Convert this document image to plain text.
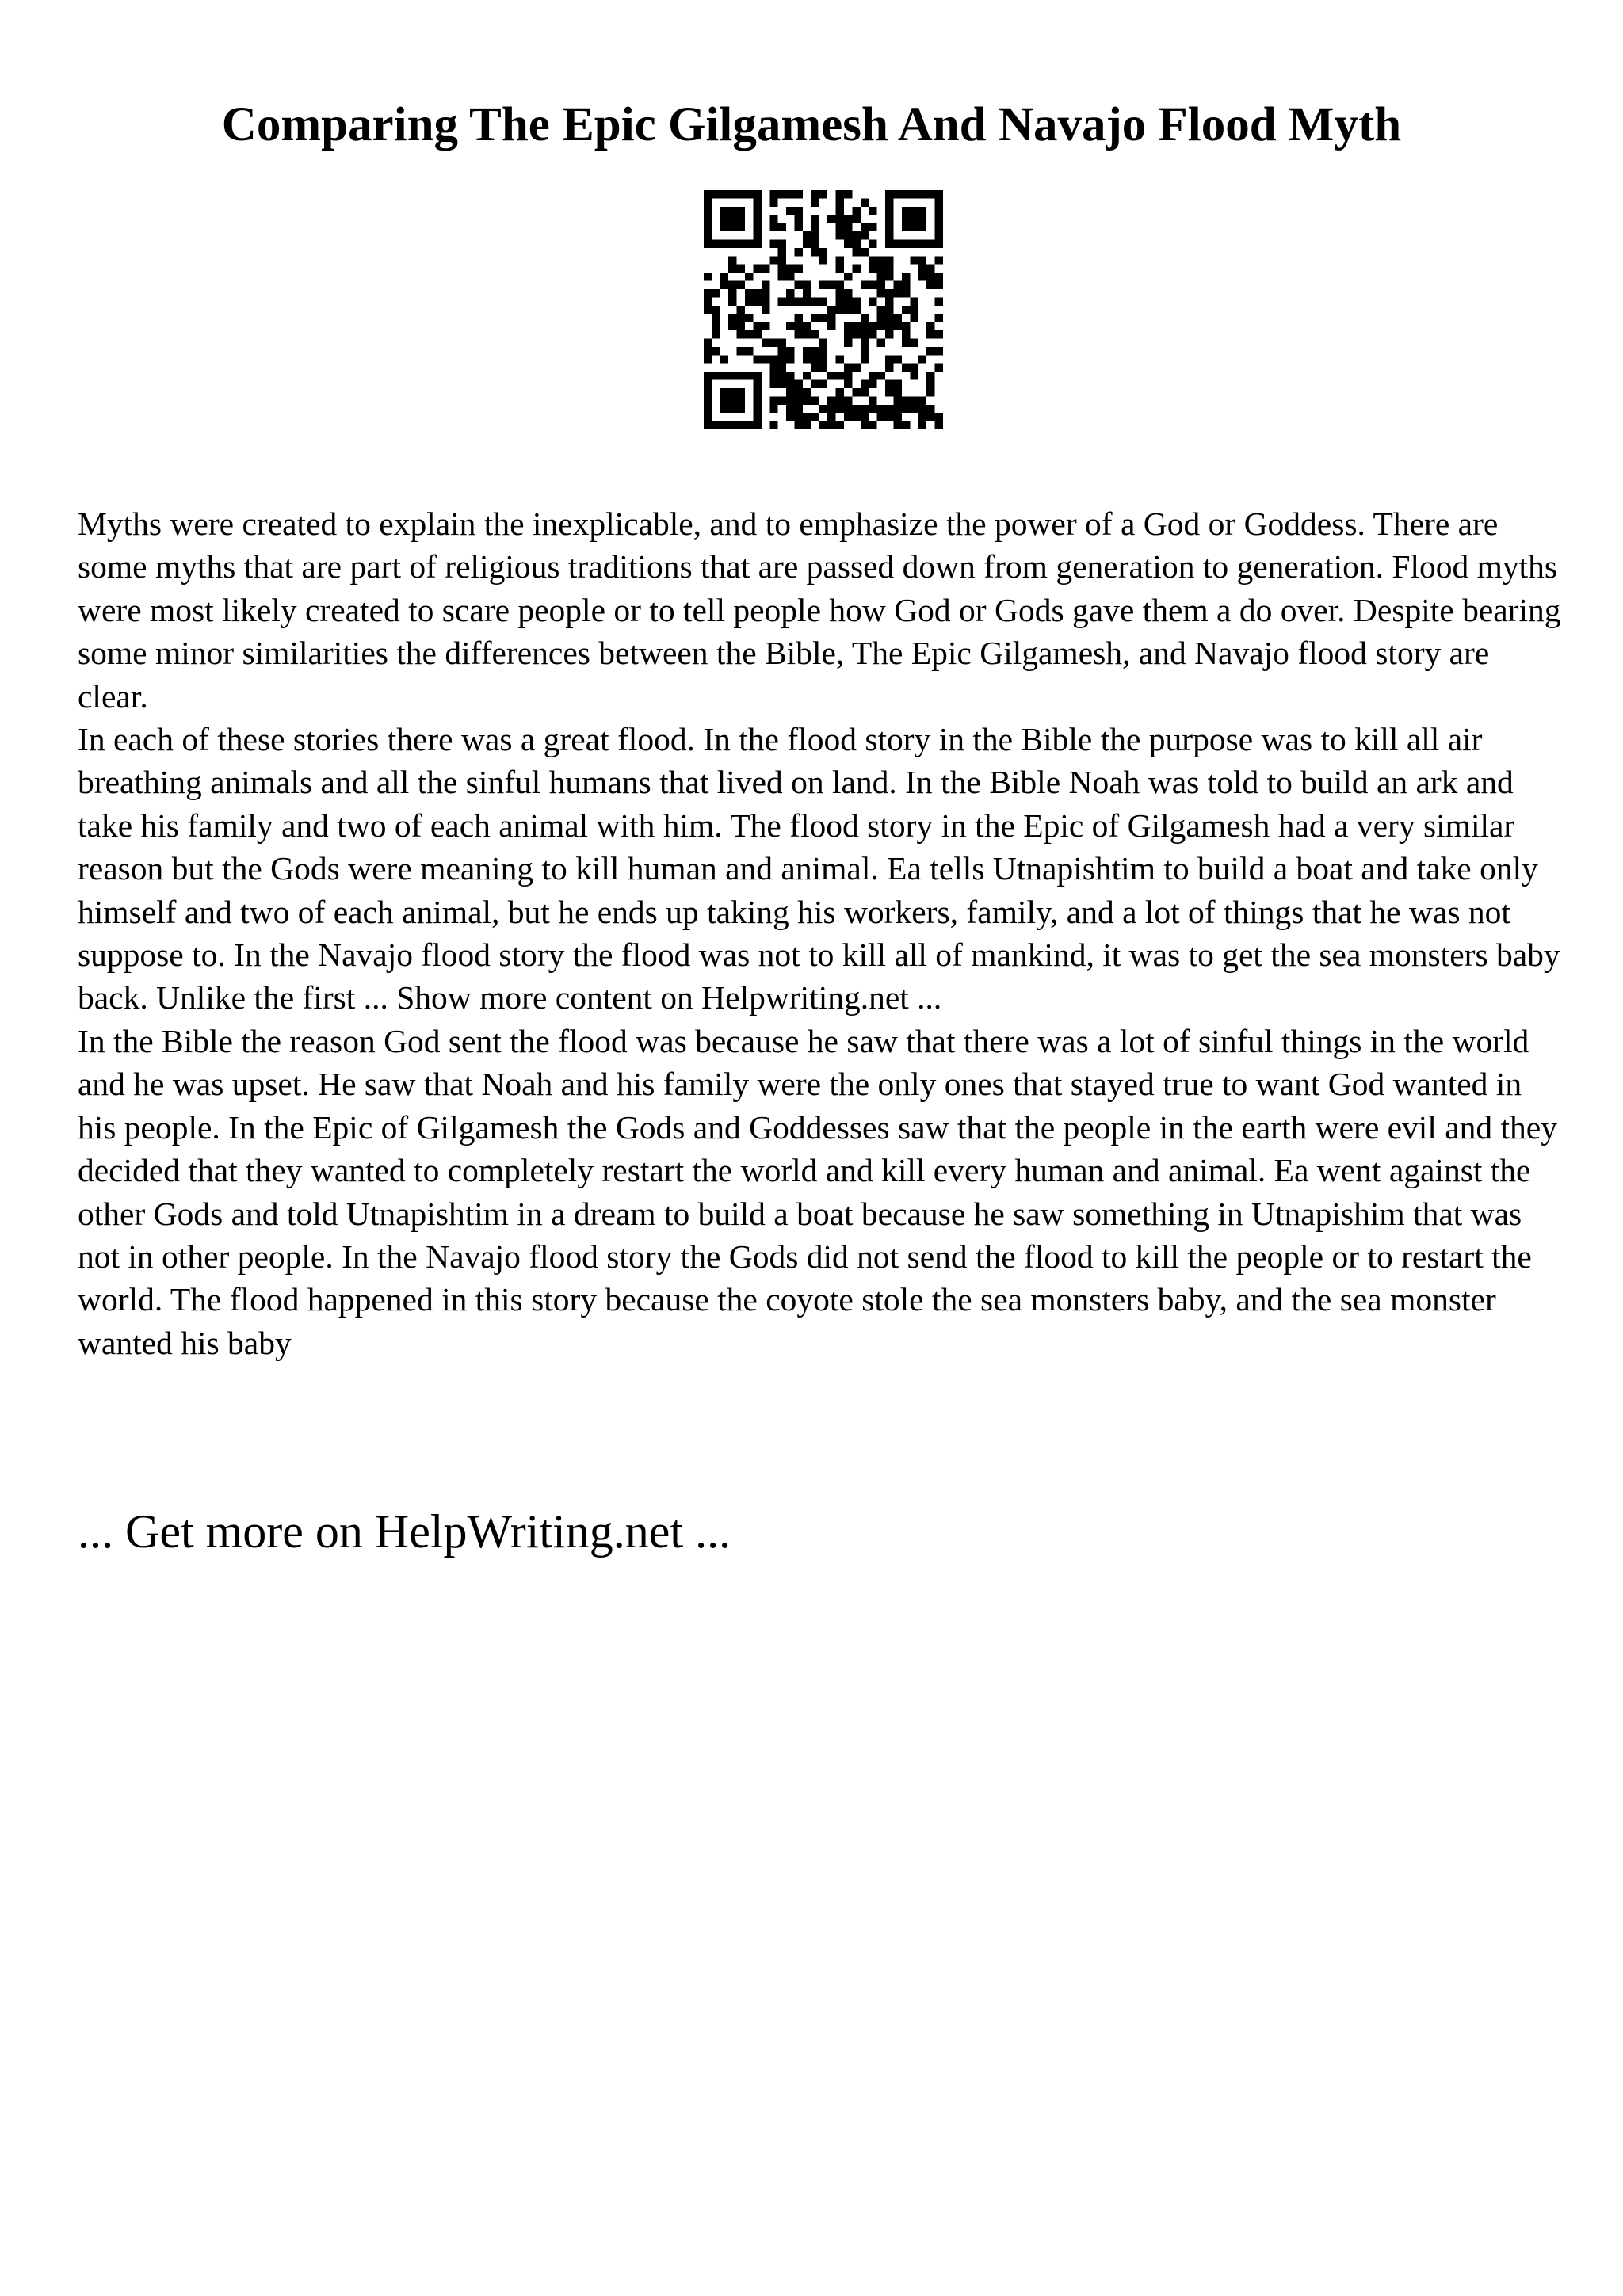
Comparing The Epic Gilgamesh And Navajo Flood Myth

Myths were created to explain the inexplicable, and to emphasize the power of a God or Goddess. There are some myths that are part of religious traditions that are passed down from generation to generation. Flood myths were most likely created to scare people or to tell people how God or Gods gave them a do over. Despite bearing some minor similarities the differences between the Bible, The Epic Gilgamesh, and Navajo flood story are clear.

In each of these stories there was a great flood. In the flood story in the Bible the purpose was to kill all air breathing animals and all the sinful humans that lived on land. In the Bible Noah was told to build an ark and take his family and two of each animal with him. The flood story in the Epic of Gilgamesh had a very similar reason but the Gods were meaning to kill human and animal. Ea tells Utnapishtim to build a boat and take only himself and two of each animal, but he ends up taking his workers, family, and a lot of things that he was not suppose to. In the Navajo flood story the flood was not to kill all of mankind, it was to get the sea monsters baby back. Unlike the first ... Show more content on Helpwriting.net ...

In the Bible the reason God sent the flood was because he saw that there was a lot of sinful things in the world and he was upset. He saw that Noah and his family were the only ones that stayed true to want God wanted in his people. In the Epic of Gilgamesh the Gods and Goddesses saw that the people in the earth were evil and they decided that they wanted to completely restart the world and kill every human and animal. Ea went against the other Gods and told Utnapishtim in a dream to build a boat because he saw something in Utnapishim that was not in other people. In the Navajo flood story the Gods did not send the flood to kill the people or to restart the world. The flood happened in this story because the coyote stole the sea monsters baby, and the sea monster wanted his baby

... Get more on HelpWriting.net ...
